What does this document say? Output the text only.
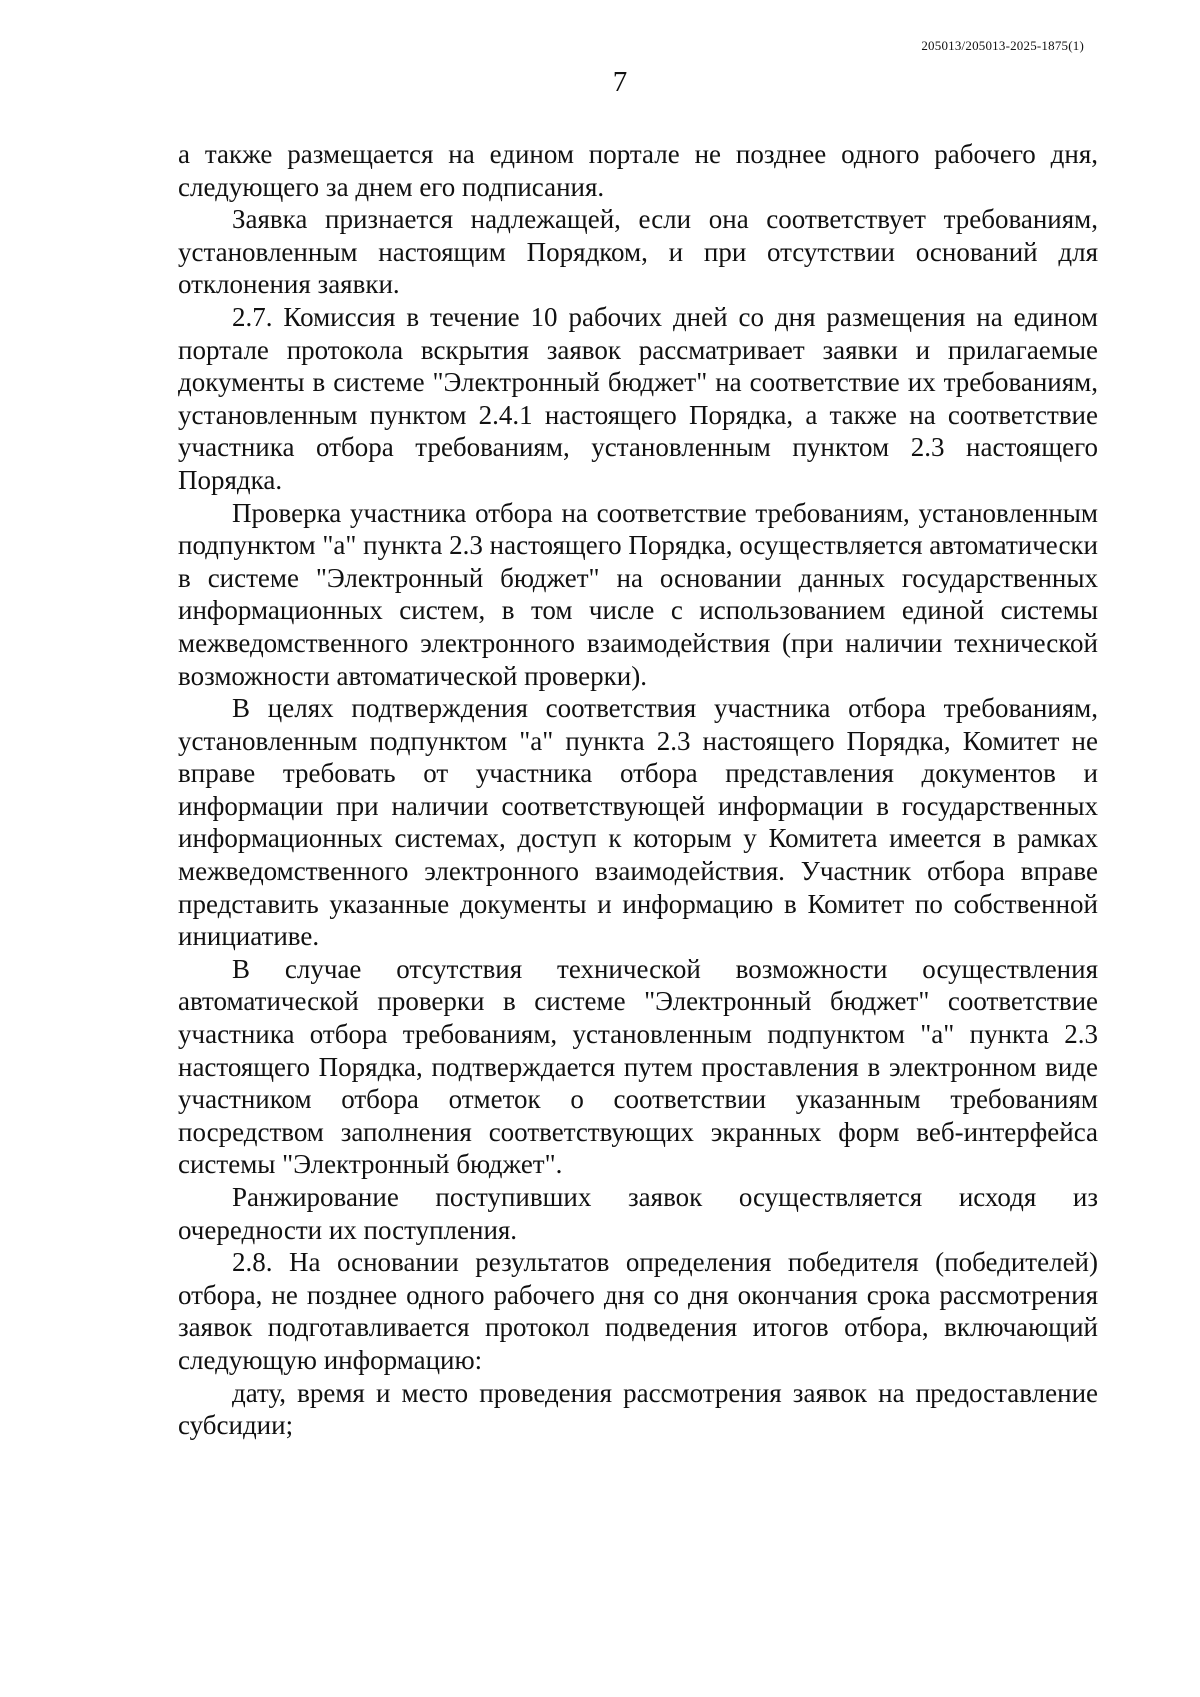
205013/205013-2025-1875(1)
7

а также размещается на едином портале не позднее одного рабочего дня, следующего за днем его подписания.

Заявка признается надлежащей, если она соответствует требованиям, установленным настоящим Порядком, и при отсутствии оснований для отклонения заявки.

2.7. Комиссия в течение 10 рабочих дней со дня размещения на едином портале протокола вскрытия заявок рассматривает заявки и прилагаемые документы в системе "Электронный бюджет" на соответствие их требованиям, установленным пунктом 2.4.1 настоящего Порядка, а также на соответствие участника отбора требованиям, установленным пунктом 2.3 настоящего Порядка.

Проверка участника отбора на соответствие требованиям, установленным подпунктом "а" пункта 2.3 настоящего Порядка, осуществляется автоматически в системе "Электронный бюджет" на основании данных государственных информационных систем, в том числе с использованием единой системы межведомственного электронного взаимодействия (при наличии технической возможности автоматической проверки).

В целях подтверждения соответствия участника отбора требованиям, установленным подпунктом "а" пункта 2.3 настоящего Порядка, Комитет не вправе требовать от участника отбора представления документов и информации при наличии соответствующей информации в государственных информационных системах, доступ к которым у Комитета имеется в рамках межведомственного электронного взаимодействия. Участник отбора вправе представить указанные документы и информацию в Комитет по собственной инициативе.

В случае отсутствия технической возможности осуществления автоматической проверки в системе "Электронный бюджет" соответствие участника отбора требованиям, установленным подпунктом "а" пункта 2.3 настоящего Порядка, подтверждается путем проставления в электронном виде участником отбора отметок о соответствии указанным требованиям посредством заполнения соответствующих экранных форм веб-интерфейса системы "Электронный бюджет".

Ранжирование поступивших заявок осуществляется исходя из очередности их поступления.

2.8. На основании результатов определения победителя (победителей) отбора, не позднее одного рабочего дня со дня окончания срока рассмотрения заявок подготавливается протокол подведения итогов отбора, включающий следующую информацию:

дату, время и место проведения рассмотрения заявок на предоставление субсидии;
